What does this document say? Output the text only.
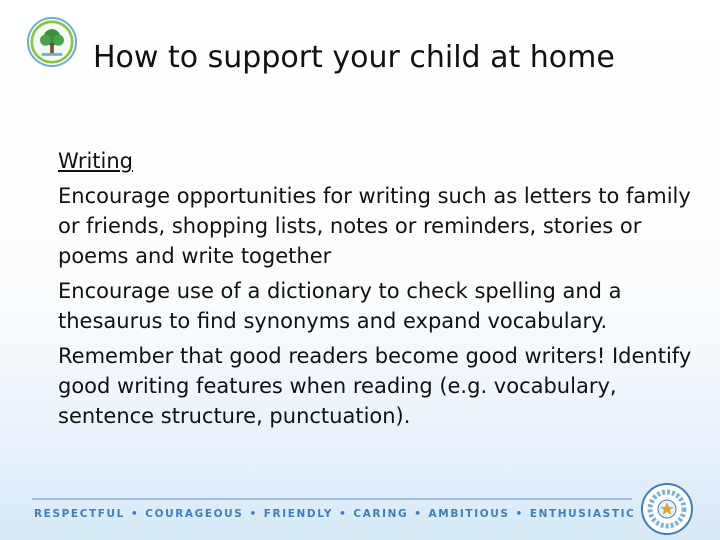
How to support your child at home

Writing

Encourage opportunities for writing such as letters to family or friends, shopping lists, notes or reminders, stories or poems and write together

Encourage use of a dictionary to check spelling and a thesaurus to find synonyms and expand vocabulary.

Remember that good readers become good writers! Identify good writing features when reading (e.g. vocabulary, sentence structure, punctuation).

RESPECTFUL • COURAGEOUS • FRIENDLY • CARING • AMBITIOUS • ENTHUSIASTIC
